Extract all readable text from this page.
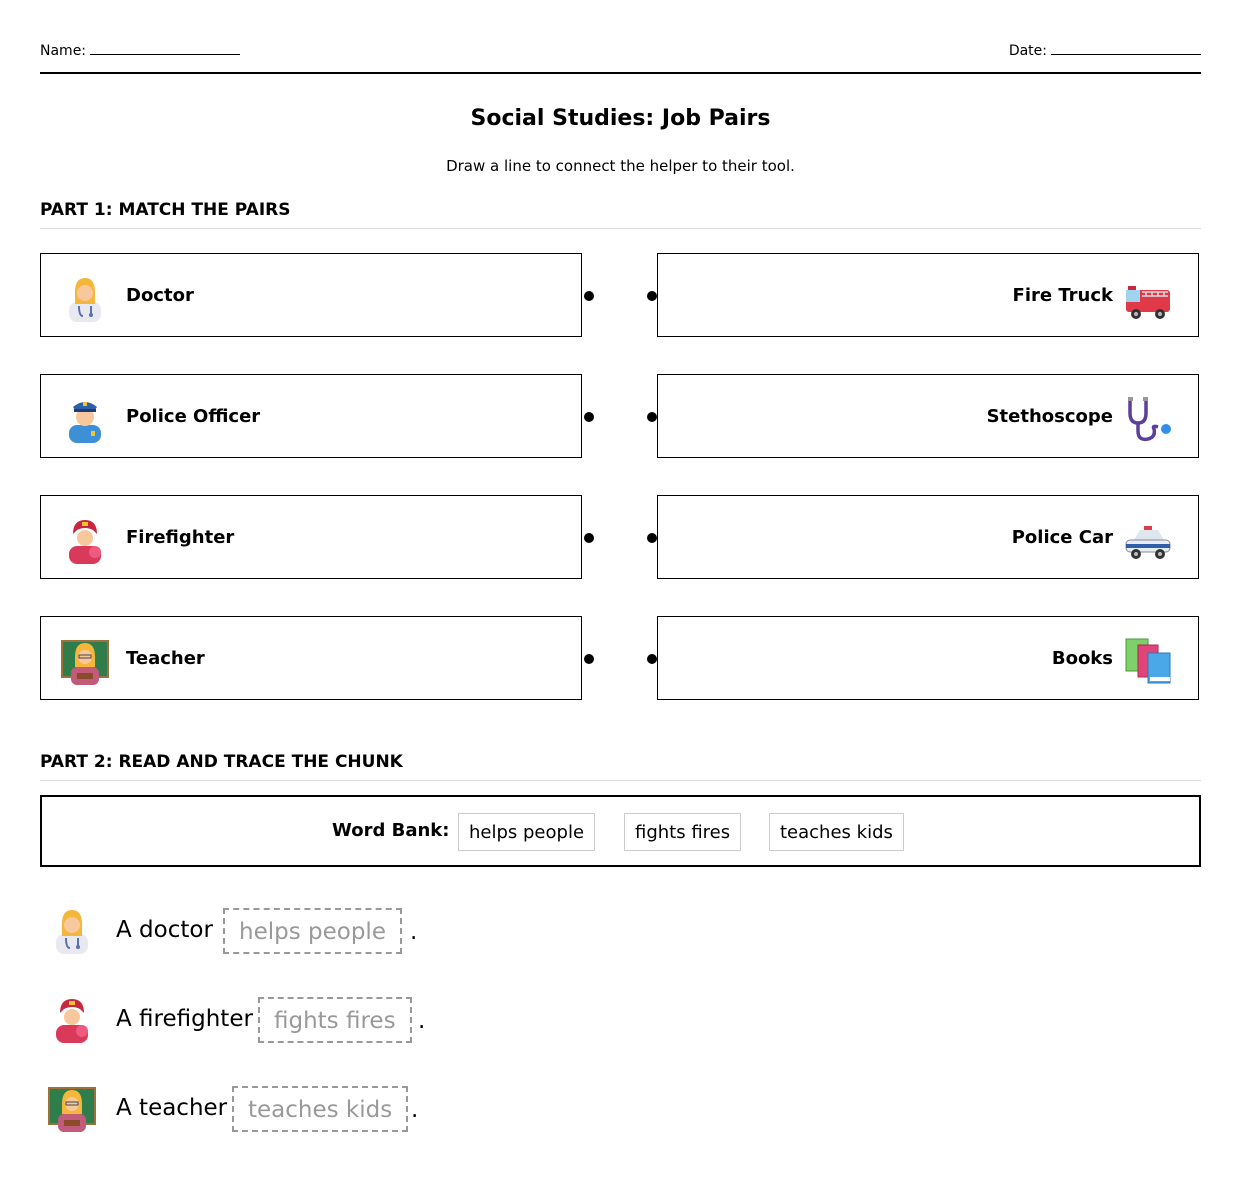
Name:	Date:
Social Studies: Job Pairs
Draw a line to connect the helper to their tool.
PART 1: MATCH THE PAIRS
Doctor
Police Officer
Firefighter
Teacher
Fire Truck
Stethoscope
Police Car
Books
PART 2: READ AND TRACE THE CHUNK
Word Bank:	helps people	fights fires	teaches kids
A doctor	helps people	.
A firefighter fights fires .
A teacher teaches kids .
